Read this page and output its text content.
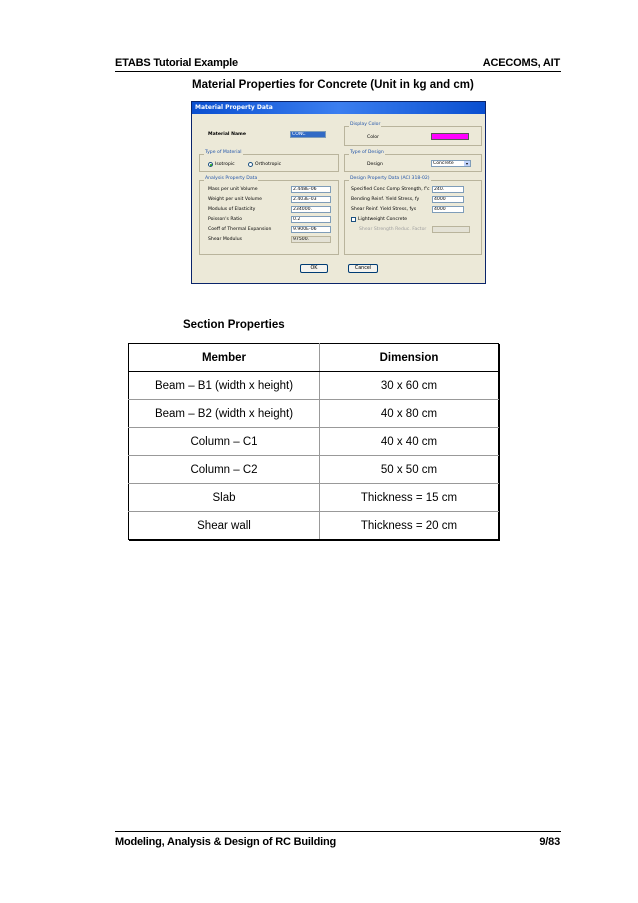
ETABS Tutorial Example	ACECOMS, AIT
Material Properties for Concrete (Unit in kg and cm)
Material Property Data
Material Name	CONC
Display Color
Color
Type of Material
Isotropic	Orthotropic
Type of Design
Design	Concrete	▾
Analysis Property Data
Mass per unit Volume	2.448E-06
Weight per unit Volume	2.403E-03
Modulus of Elasticity	234000.
Poisson's Ratio	0.2
Coeff of Thermal Expansion	9.900E-06
Shear Modulus	97500.
Design Property Data (ACI 318-02)
Specified Conc Comp Strength, f'c 240.
Bending Reinf. Yield Stress, fy	4000
Shear Reinf. Yield Stress, fys	4000
Lightweight Concrete
Shear Strength Reduc. Factor
OK	Cancel
Section Properties
Member	Dimension
Beam – B1 (width x height)	30 x 60 cm
Beam – B2 (width x height)	40 x 80 cm
Column – C1	40 x 40 cm
Column – C2	50 x 50 cm
Slab	Thickness = 15 cm
Shear wall	Thickness = 20 cm
Modeling, Analysis & Design of RC Building	9/83
